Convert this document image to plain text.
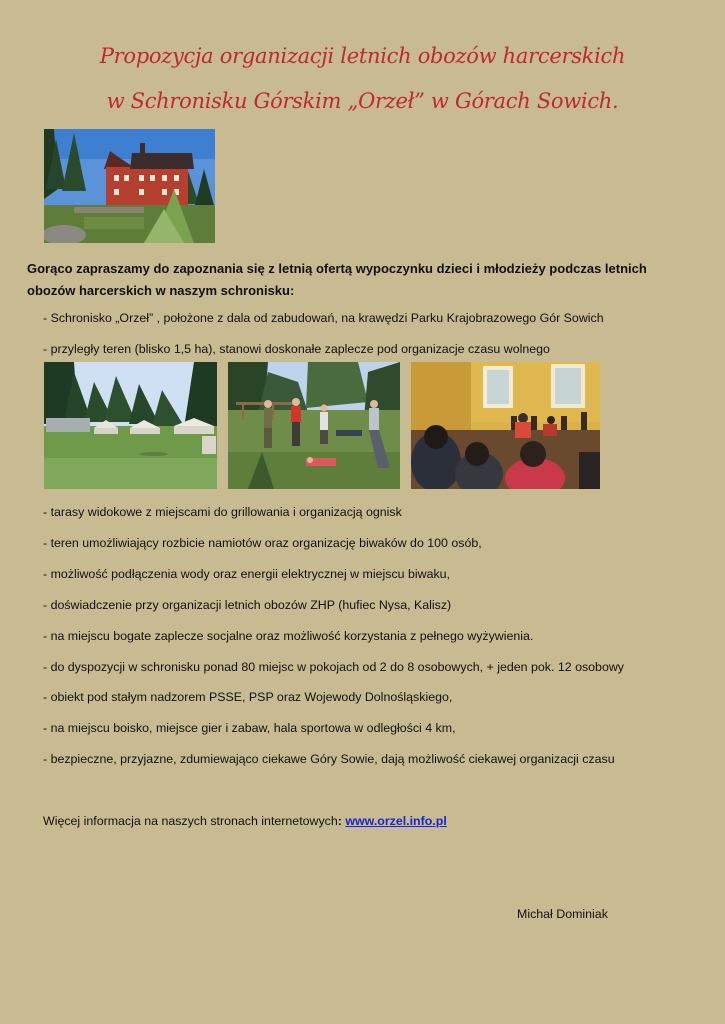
Propozycja organizacji letnich obozów harcerskich
w Schronisku Górskim „Orzeł” w Górach Sowich.
Gorąco zapraszamy do zapoznania się z letnią ofertą wypoczynku dzieci i młodzieży podczas letnich obozów harcerskich w naszym schronisku:
- Schronisko „Orzeł” , położone z dala od zabudowań, na krawędzi Parku Krajobrazowego Gór Sowich
- przyległy teren (blisko 1,5 ha), stanowi doskonałe zaplecze pod organizacje czasu wolnego
- tarasy widokowe z miejscami do grillowania i organizacją ognisk
- teren umożliwiający rozbicie namiotów oraz organizację biwaków do 100 osób,
- możliwość podłączenia wody oraz energii elektrycznej w miejscu biwaku,
- doświadczenie przy organizacji letnich obozów ZHP (hufiec Nysa, Kalisz)
- na miejscu bogate zaplecze socjalne oraz możliwość korzystania z pełnego wyżywienia.
- do dyspozycji w schronisku ponad 80 miejsc w pokojach od 2 do 8 osobowych, + jeden pok. 12 osobowy
- obiekt pod stałym nadzorem PSSE, PSP oraz Wojewody Dolnośląskiego,
- na miejscu boisko, miejsce gier i zabaw, hala sportowa w odległości 4 km,
- bezpieczne, przyjazne, zdumiewająco ciekawe Góry Sowie, dają możliwość ciekawej organizacji czasu
Więcej informacja na naszych stronach internetowych: www.orzel.info.pl
Michał Dominiak
